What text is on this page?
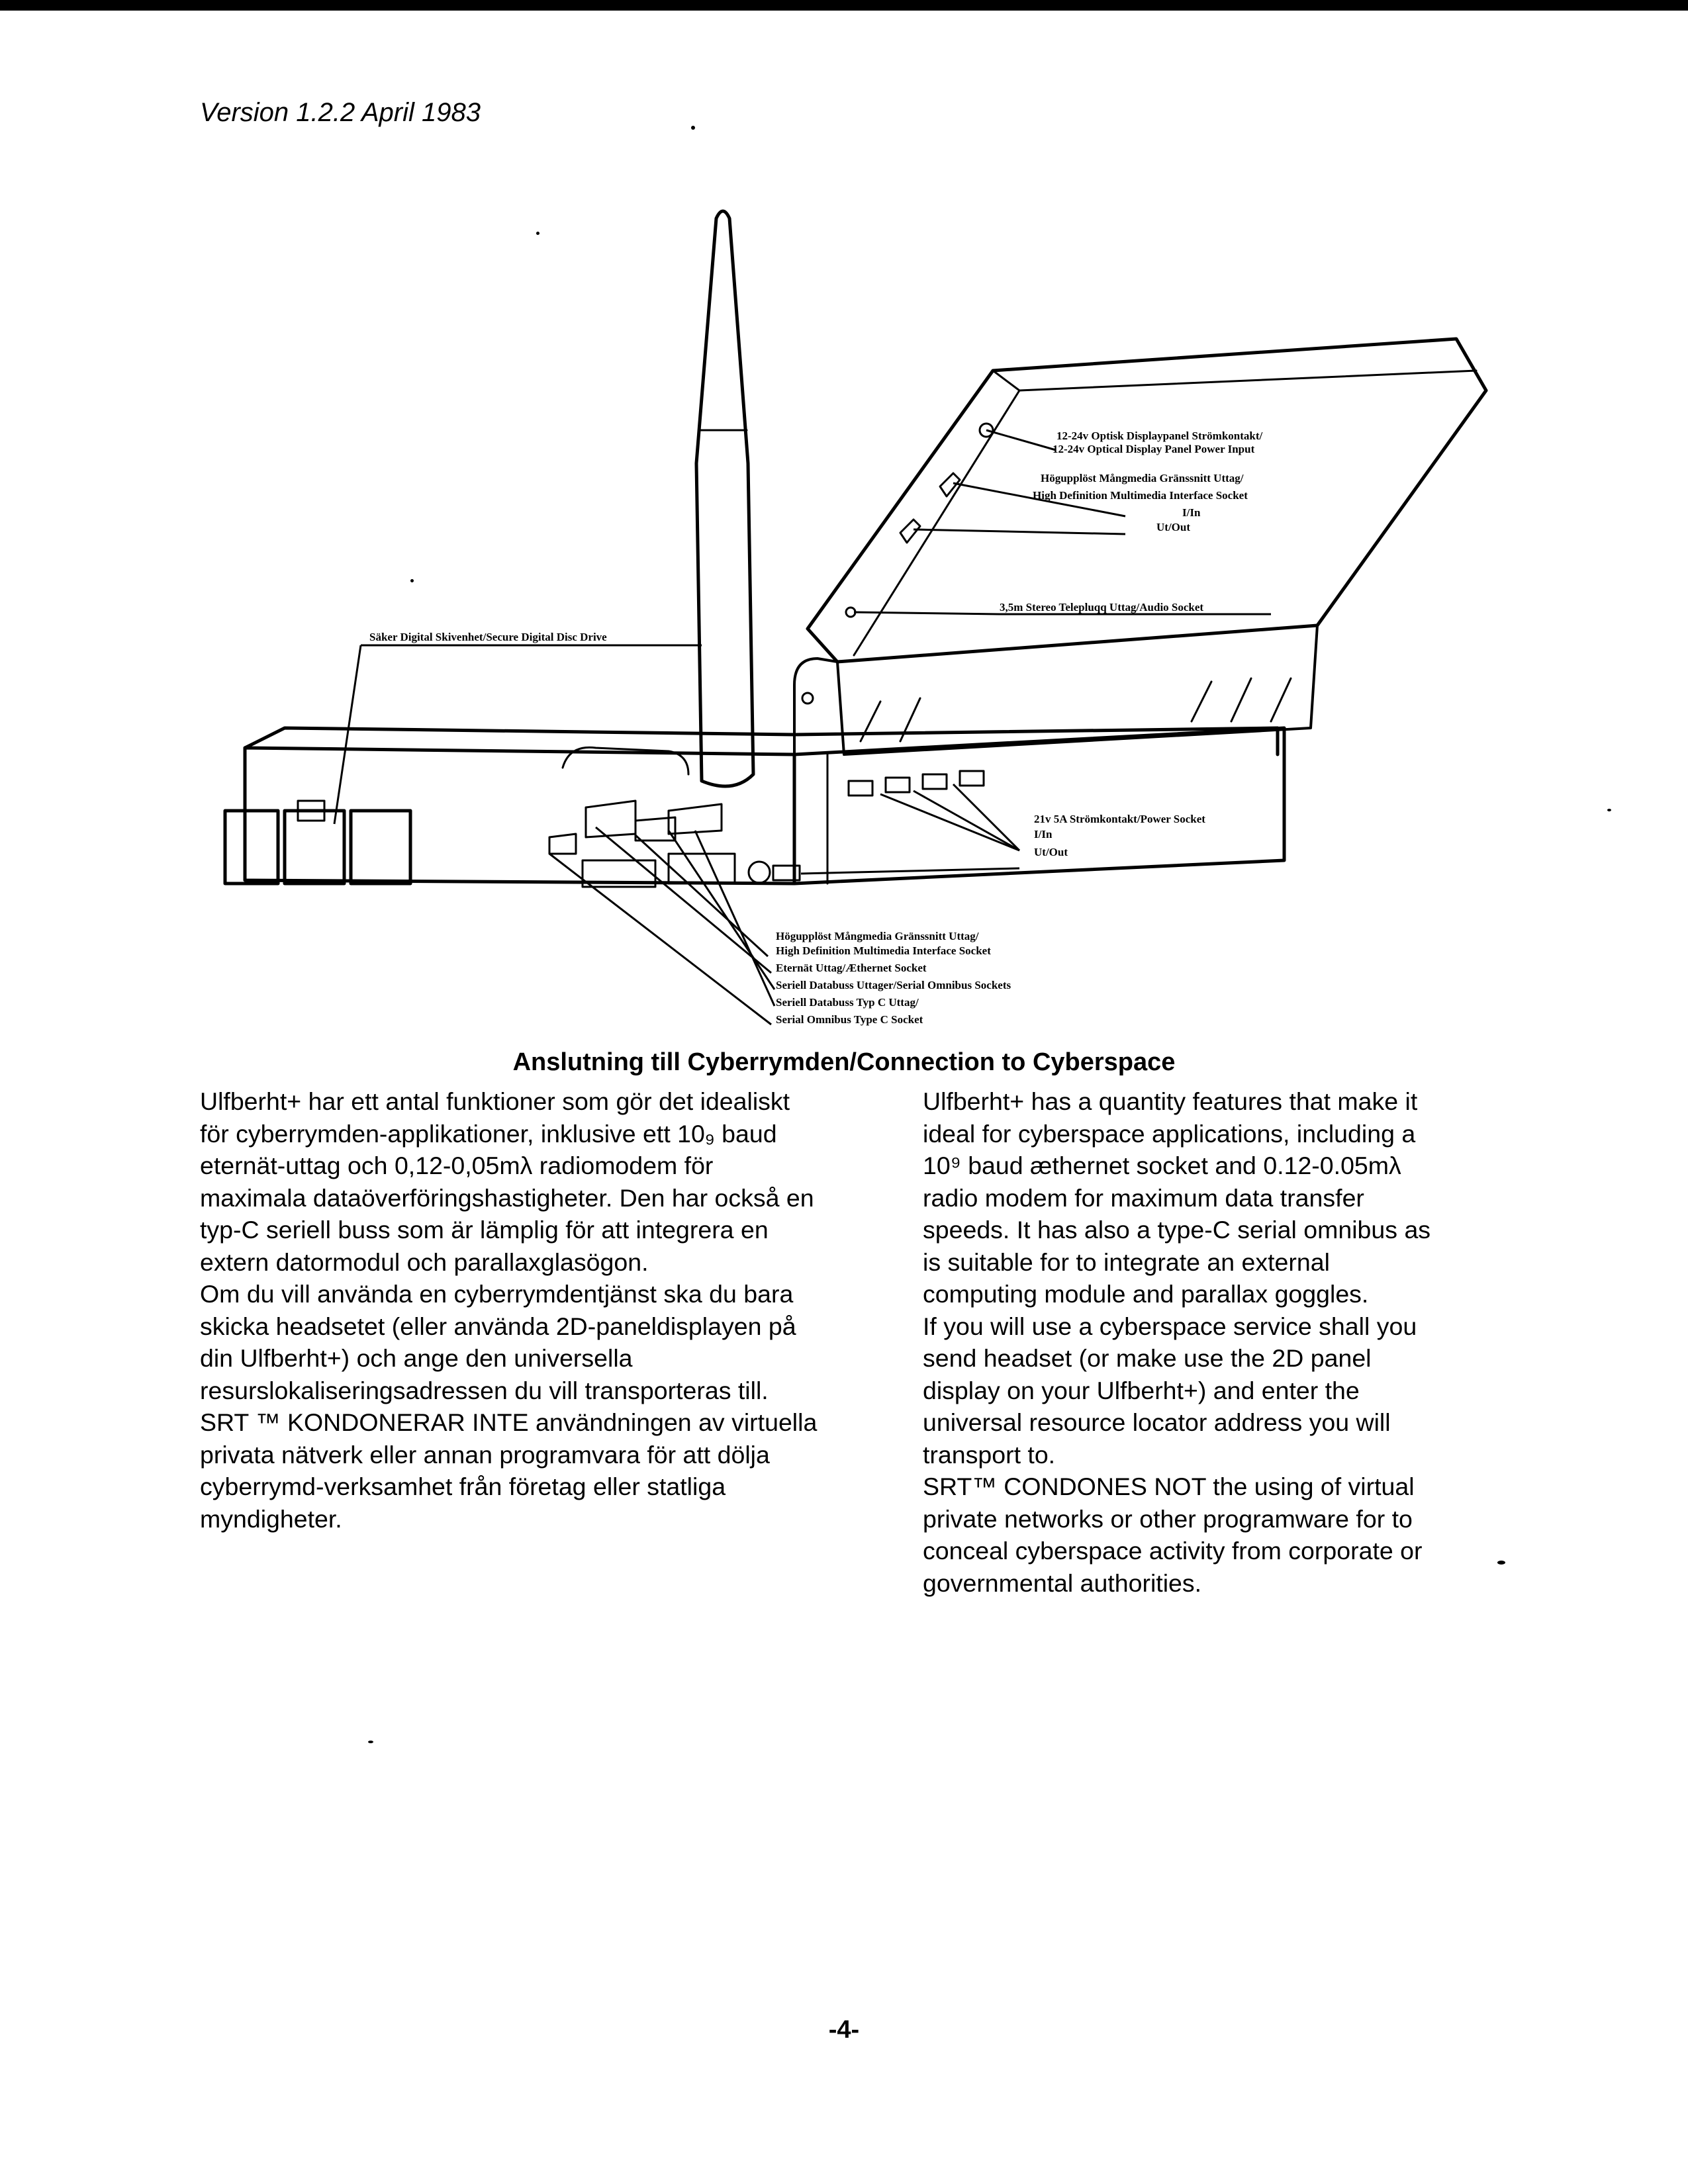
Version 1.2.2 April 1983
Säker Digital Skivenhet/Secure Digital Disc Drive
12-24v Optisk Displaypanel Strömkontakt/
12-24v Optical Display Panel Power Input
Högupplöst Mångmedia Gränssnitt Uttag/
High Definition Multimedia Interface Socket
I/In
Ut/Out
3,5m Stereo Telepluqq Uttag/Audio Socket
21v 5A Strömkontakt/Power Socket
I/In
Ut/Out
Högupplöst Mångmedia Gränssnitt Uttag/
High Definition Multimedia Interface Socket
Eternät Uttag/Æthernet Socket
Seriell Databuss Uttager/Serial Omnibus Sockets
Seriell Databuss Typ C Uttag/
Serial Omnibus Type C Socket
Anslutning till Cyberrymden/Connection to Cyberspace

Ulfberht+ har ett antal funktioner som gör det idealiskt

för cyberrymden-applikationer, inklusive ett 10₉ baud

eternät-uttag och 0,12-0,05mλ radiomodem för

maximala dataöverföringshastigheter. Den har också en

typ-C seriell buss som är lämplig för att integrera en

extern datormodul och parallaxglasögon.

Om du vill använda en cyberrymdentjänst ska du bara

skicka headsetet (eller använda 2D-paneldisplayen på

din Ulfberht+) och ange den universella

resurslokaliseringsadressen du vill transporteras till.

SRT ™ KONDONERAR INTE användningen av virtuella

privata nätverk eller annan programvara för att dölja

cyberrymd-verksamhet från företag eller statliga

myndigheter.

Ulfberht+ has a quantity features that make it

ideal for cyberspace applications, including a

10⁹ baud æthernet socket and 0.12-0.05mλ

radio modem for maximum data transfer

speeds. It has also a type-C serial omnibus as

is suitable for to integrate an external

computing module and parallax goggles.

If you will use a cyberspace service shall you

send headset (or make use the 2D panel

display on your Ulfberht+) and enter the

universal resource locator address you will

transport to.

SRT™ CONDONES NOT the using of virtual

private networks or other programware for to

conceal cyberspace activity from corporate or

governmental authorities.

-4-
